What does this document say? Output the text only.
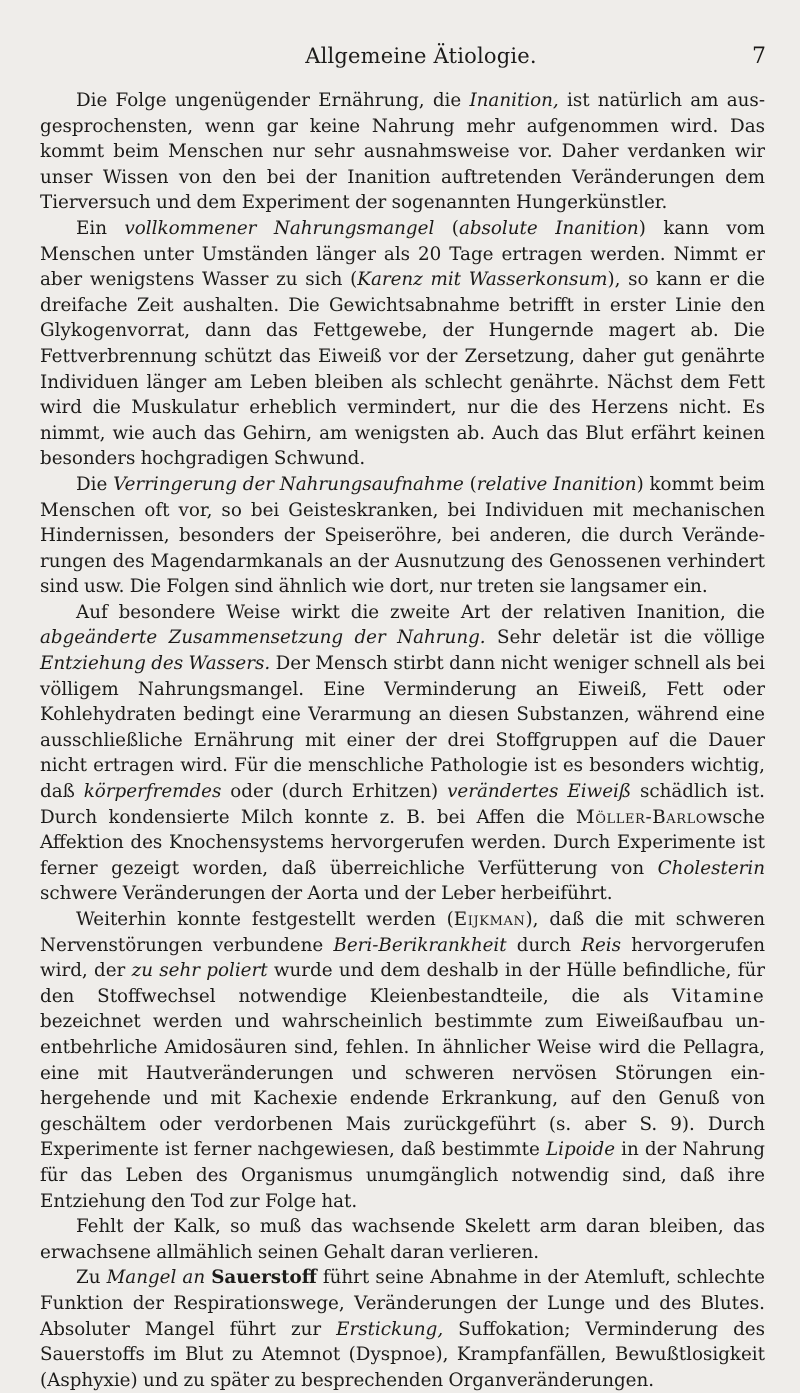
Allgemeine Ätiologie.	7

Die Folge ungenügender Ernährung, die Inanition, ist natürlich am ausgesprochensten, wenn gar keine Nahrung mehr aufgenommen wird. Das kommt beim Menschen nur sehr ausnahmsweise vor. Daher verdanken wir unser Wissen von den bei der Inanition auftretenden Veränderungen dem Tierversuch und dem Experiment der sogenannten Hungerkünstler.

Ein vollkommener Nahrungsmangel (absolute Inanition) kann vom Menschen unter Umständen länger als 20 Tage ertragen werden. Nimmt er aber wenigstens Wasser zu sich (Karenz mit Wasserkonsum), so kann er die dreifache Zeit aushalten. Die Gewichtsabnahme betrifft in erster Linie den Glykogenvorrat, dann das Fettgewebe, der Hungernde magert ab. Die Fettverbrennung schützt das Eiweiß vor der Zersetzung, daher gut genährte Individuen länger am Leben bleiben als schlecht genährte. Nächst dem Fett wird die Muskulatur erheblich vermindert, nur die des Herzens nicht. Es nimmt, wie auch das Gehirn, am wenigsten ab. Auch das Blut erfährt keinen besonders hochgradigen Schwund.

Die Verringerung der Nahrungsaufnahme (relative Inanition) kommt beim Menschen oft vor, so bei Geisteskranken, bei Individuen mit mechanischen Hindernissen, besonders der Speiseröhre, bei anderen, die durch Veränderungen des Magendarmkanals an der Ausnutzung des Genossenen verhindert sind usw. Die Folgen sind ähnlich wie dort, nur treten sie langsamer ein.

Auf besondere Weise wirkt die zweite Art der relativen Inanition, die abgeänderte Zusammensetzung der Nahrung. Sehr deletär ist die völlige Entziehung des Wassers. Der Mensch stirbt dann nicht weniger schnell als bei völligem Nahrungsmangel. Eine Verminderung an Eiweiß, Fett oder Kohlehydraten bedingt eine Verarmung an diesen Substanzen, während eine ausschließliche Ernährung mit einer der drei Stoffgruppen auf die Dauer nicht ertragen wird. Für die menschliche Pathologie ist es besonders wichtig, daß körperfremdes oder (durch Erhitzen) verändertes Eiweiß schädlich ist. Durch kondensierte Milch konnte z. B. bei Affen die Möller-Barlowsche Affektion des Knochensystems hervorgerufen werden. Durch Experimente ist ferner gezeigt worden, daß überreichliche Verfütterung von Cholesterin schwere Veränderungen der Aorta und der Leber herbeiführt.

Weiterhin konnte festgestellt werden (Eijkman), daß die mit schweren Nervenstörungen verbundene Beri-Berikrankheit durch Reis hervorgerufen wird, der zu sehr poliert wurde und dem deshalb in der Hülle befindliche, für den Stoffwechsel notwendige Kleienbestandteile, die als Vitamine bezeichnet werden und wahrscheinlich bestimmte zum Eiweißaufbau unentbehrliche Amidosäuren sind, fehlen. In ähnlicher Weise wird die Pellagra, eine mit Hautveränderungen und schweren nervösen Störungen einhergehende und mit Kachexie endende Erkrankung, auf den Genuß von geschältem oder verdorbenen Mais zurückgeführt (s. aber S. 9). Durch Experimente ist ferner nachgewiesen, daß bestimmte Lipoide in der Nahrung für das Leben des Organismus unumgänglich notwendig sind, daß ihre Entziehung den Tod zur Folge hat.

Fehlt der Kalk, so muß das wachsende Skelett arm daran bleiben, das erwachsene allmählich seinen Gehalt daran verlieren.

Zu Mangel an Sauerstoff führt seine Abnahme in der Atemluft, schlechte Funktion der Respirationswege, Veränderungen der Lunge und des Blutes. Absoluter Mangel führt zur Erstickung, Suffokation; Verminderung des Sauerstoffs im Blut zu Atemnot (Dyspnoe), Krampfanfällen, Bewußtlosigkeit (Asphyxie) und zu später zu besprechenden Organveränderungen.
